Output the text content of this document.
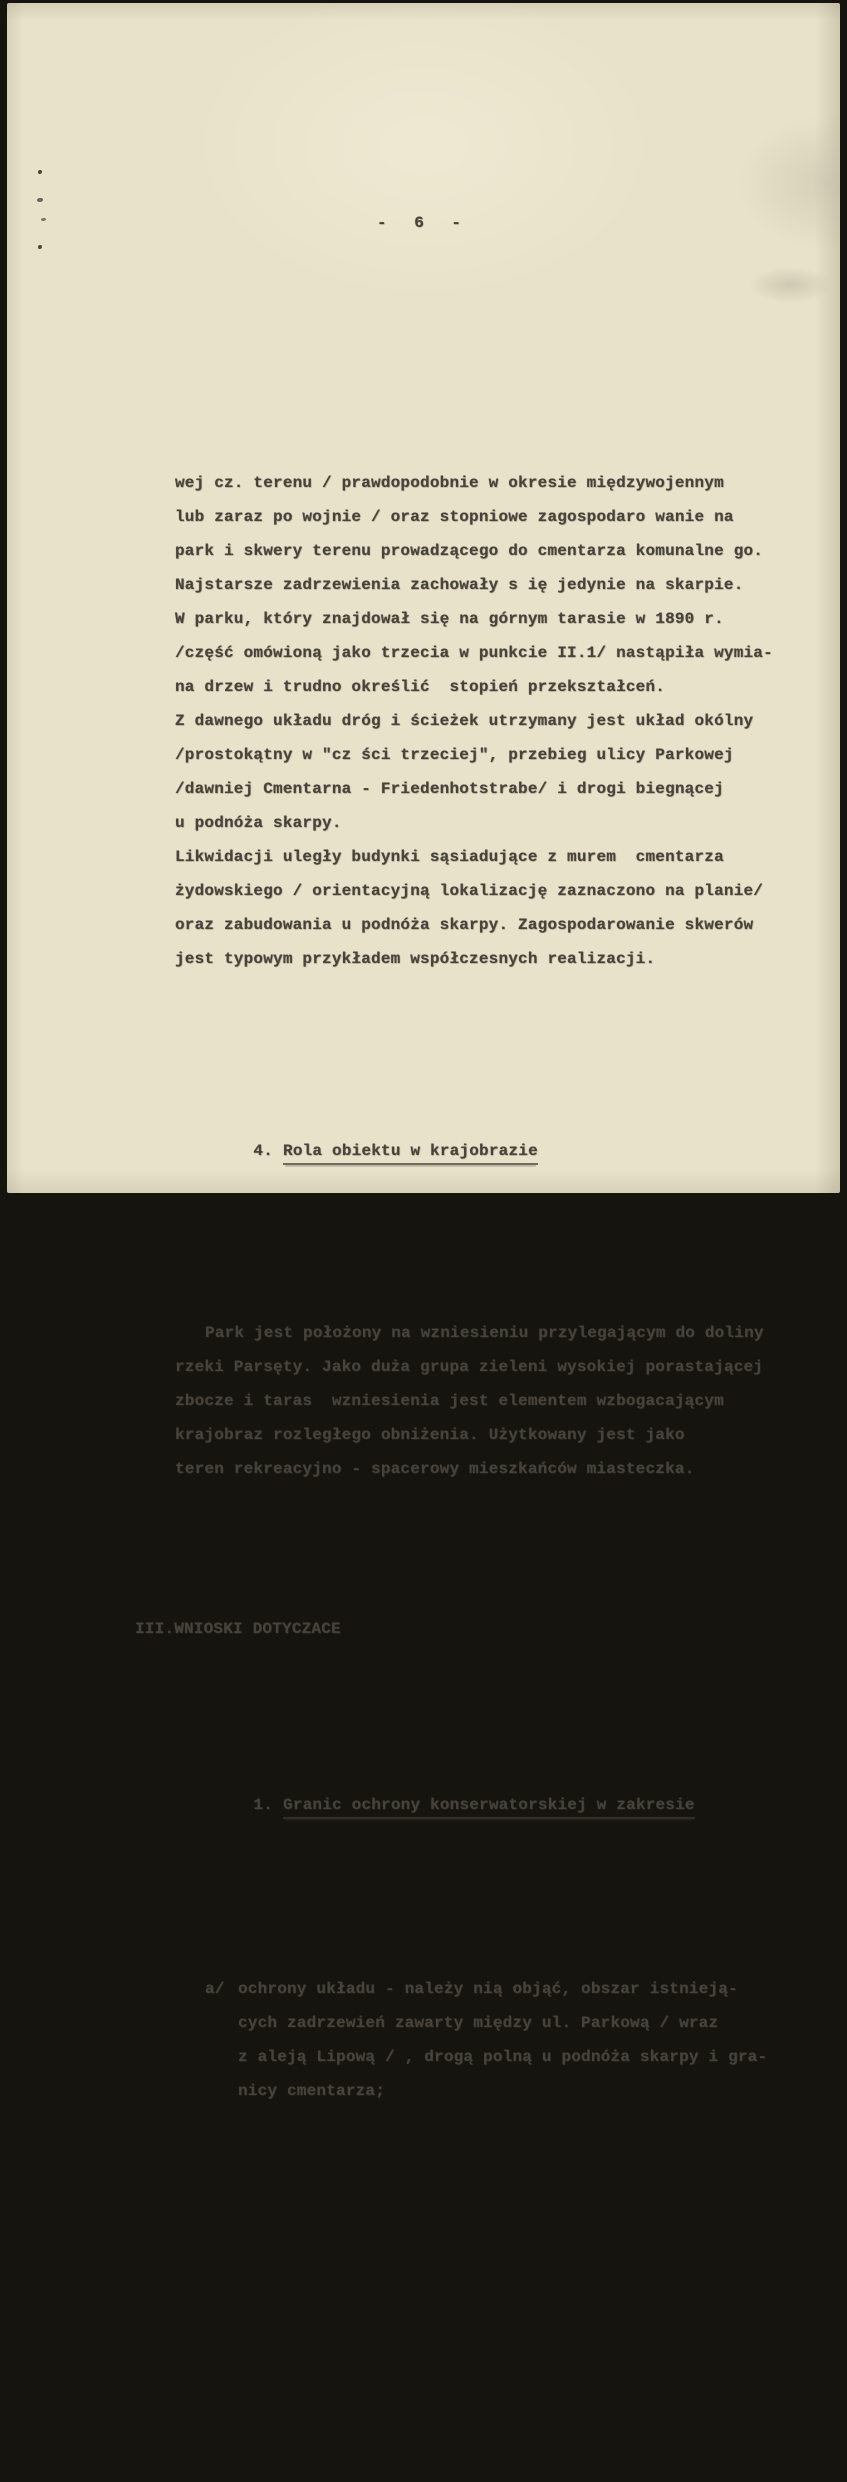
- 6 -

wej cz. terenu / prawdopodobnie w okresie międzywojennym
lub zaraz po wojnie / oraz stopniowe zagospodaro wanie na
park i skwery terenu prowadzącego do cmentarza komunalne go.
Najstarsze zadrzewienia zachowały s ię jedynie na skarpie.
W parku, który znajdował się na górnym tarasie w 1890 r.
/część omówioną jako trzecia w punkcie II.1/ nastąpiła wymia-
na drzew i trudno określić  stopień przekształceń.
Z dawnego układu dróg i ścieżek utrzymany jest układ okólny
/prostokątny w "cz ści trzeciej", przebieg ulicy Parkowej
/dawniej Cmentarna - Friedenhotstrabe/ i drogi biegnącej
u podnóża skarpy.
Likwidacji uległy budynki sąsiadujące z murem  cmentarza
żydowskiego / orientacyjną lokalizację zaznaczono na planie/
oraz zabudowania u podnóża skarpy. Zagospodarowanie skwerów
jest typowym przykładem współczesnych realizacji.

4. Rola obiektu w krajobrazie

Park jest położony na wzniesieniu przylegającym do doliny
rzeki Parsęty. Jako duża grupa zieleni wysokiej porastającej
zbocze i taras  wzniesienia jest elementem wzbogacającym
krajobraz rozległego obniżenia. Użytkowany jest jako
teren rekreacyjno - spacerowy mieszkańców miasteczka.

III.WNIOSKI DOTYCZACE

1. Granic ochrony konserwatorskiej w zakresie

a/ ochrony układu - należy nią objąć, obszar istnieją-
cych zadrzewień zawarty między ul. Parkową / wraz
z aleją Lipową / , drogą polną u podnóża skarpy i gra-
nicy cmentarza;
